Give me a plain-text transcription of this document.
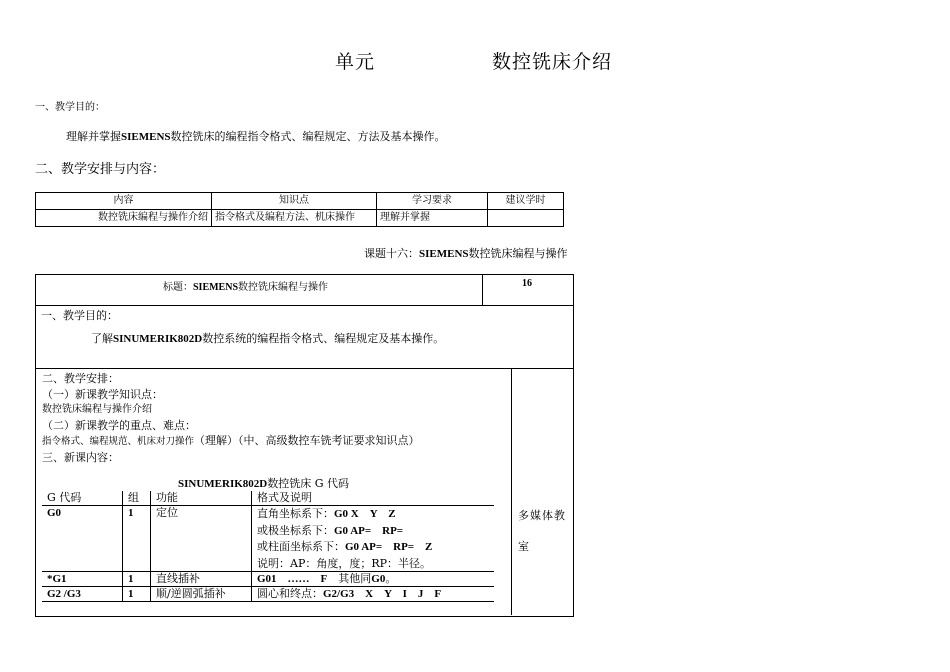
单元	数控铣床介绍
一、教学目的：
理解并掌握SIEMENS数控铣床的编程指令格式、编程规定、方法及基本操作。
二、教学安排与内容：
内容	知识点	学习要求	建议学时
数控铣床编程与操作介绍	指令格式及编程方法、机床操作	理解并掌握	
课题十六：SIEMENS数控铣床编程与操作
标题：SIEMENS数控铣床编程与操作	16
一、教学目的：
了解SINUMERIK802D数控系统的编程指令格式、编程规定及基本操作。
二、教学安排：
（一）新课教学知识点：
数控铣床编程与操作介绍
（二）新课教学的重点、难点：
指令格式、编程规范、机床对刀操作（理解）（中、高级数控车铣考证要求知识点）
三、新课内容：
多媒体教
室
SINUMERIK802D数控铣床 G 代码
G 代码	组	功能	格式及说明
G0	1	定位	直角坐标系下：G0 X　Y　Z
或极坐标系下：G0 AP=　RP=
或柱面坐标系下：G0 AP=　RP=　Z
说明：AP：角度，度；RP：半径。

*G1	1	直线插补	G01　……　F　其他同G0。
G2 /G3	1	顺/逆圆弧插补	圆心和终点：G2/G3　X　Y　I　J　F
